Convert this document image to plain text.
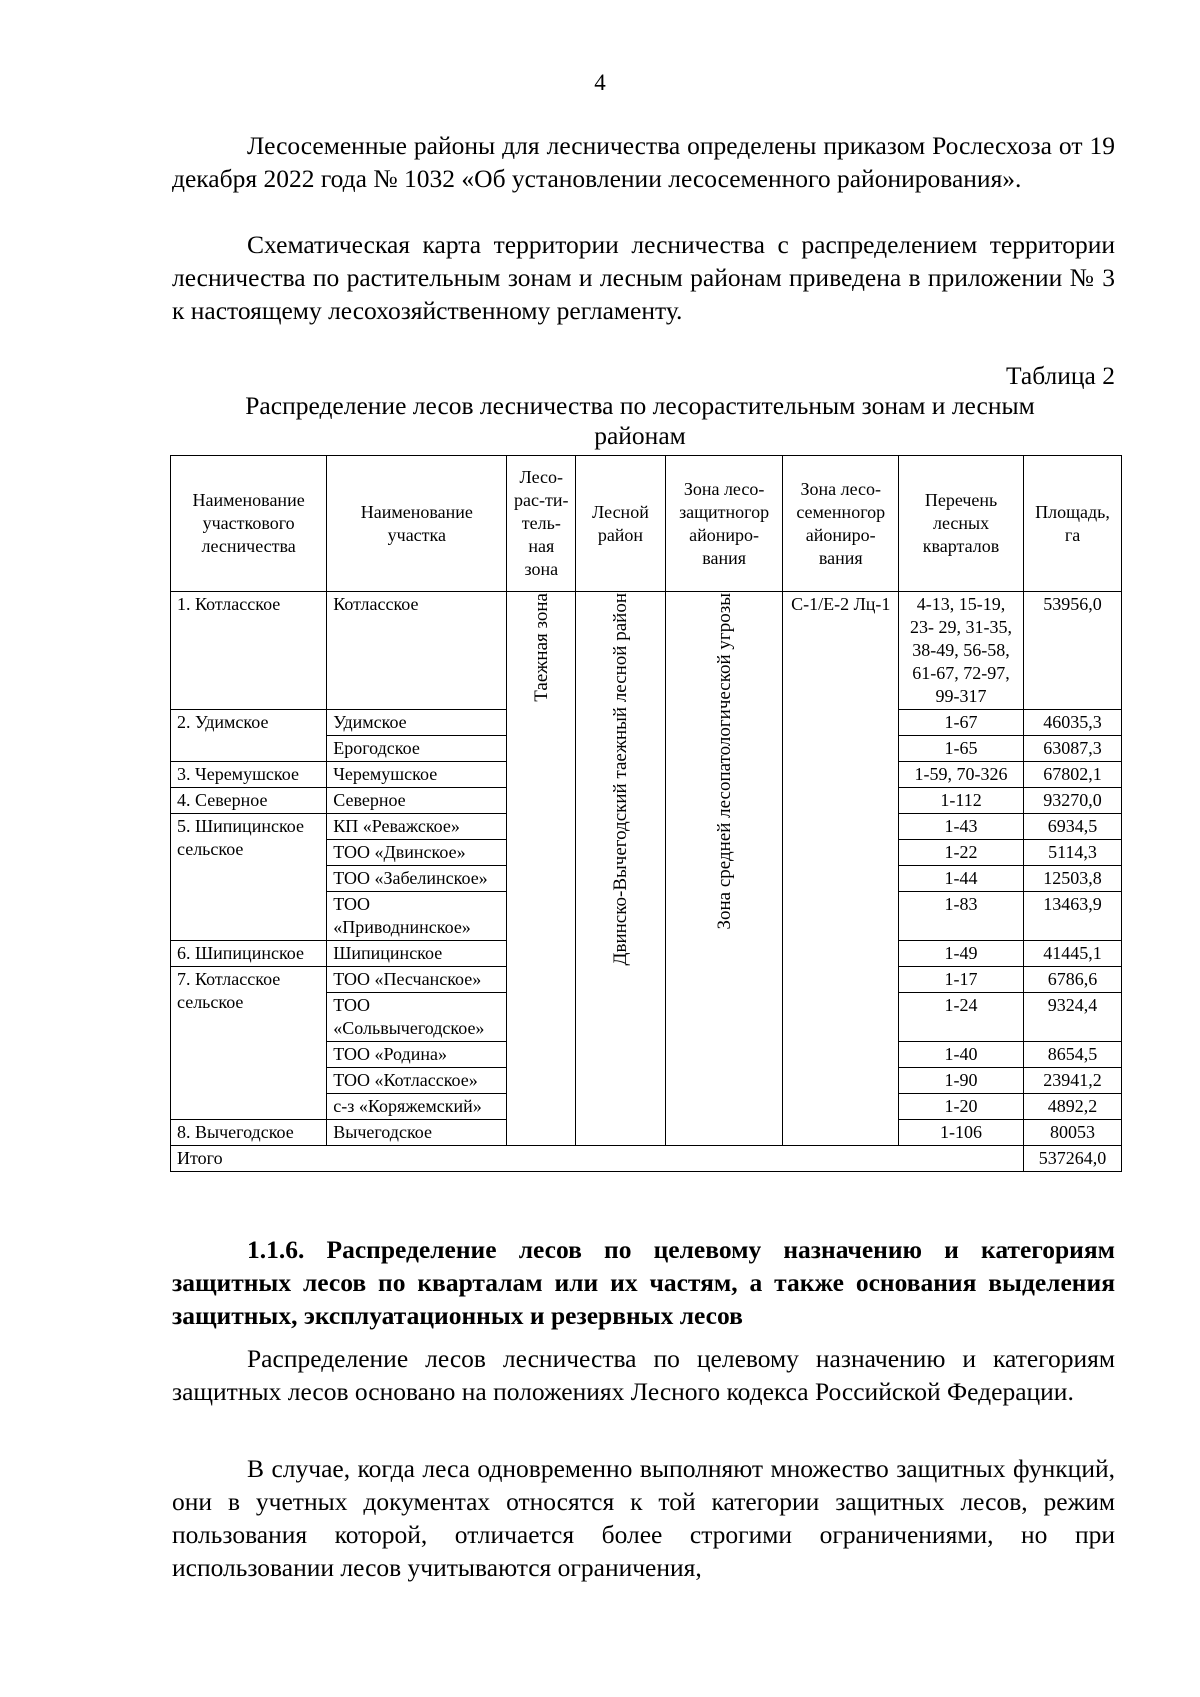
4

Лесосеменные районы для лесничества определены приказом Рослесхоза от 19 декабря 2022 года № 1032 «Об установлении лесосеменного районирования».

Схематическая карта территории лесничества с распределением территории лесничества по растительным зонам и лесным районам приведена в приложении № 3 к настоящему лесохозяйственному регламенту.

Таблица 2

Распределение лесов лесничества по лесорастительным зонам и лесным районам

Наименование участкового лесничества	Наименование участка	Лесо-рас-ти-тель-ная зона	Лесной район	Зона лесо-защитногор айониро-вания	Зона лесо-семенногор айониро-вания	Перечень лесных кварталов	Площадь, га
1. Котласское	Котласское	Таежная зона	Двинско-Вычегодский таежный лесной район	Зона средней лесопатологической угрозы	С-1/Е-2 Лц-1	4-13, 15-19, 23- 29, 31-35, 38-49, 56-58, 61-67, 72-97, 99-317	53956,0
2. Удимское	Удимское					1-67	46035,3
	Ерогодское					1-65	63087,3
3. Черемушское	Черемушское					1-59, 70-326	67802,1
4. Северное	Северное					1-112	93270,0
5. Шипицинское сельское	КП «Реважское»					1-43	6934,5
	ТОО «Двинское»					1-22	5114,3
	ТОО «Забелинское»					1-44	12503,8
	ТОО «Приводнинское»					1-83	13463,9
6. Шипицинское	Шипицинское					1-49	41445,1
7. Котласское сельское	ТОО «Песчанское»					1-17	6786,6
	ТОО «Сольвычегодское»					1-24	9324,4
	ТОО «Родина»					1-40	8654,5
	ТОО «Котласское»					1-90	23941,2
	с-з «Коряжемский»					1-20	4892,2
8. Вычегодское	Вычегодское					1-106	80053
Итого							537264,0

1.1.6. Распределение лесов по целевому назначению и категориям защитных лесов по кварталам или их частям, а также основания выделения защитных, эксплуатационных и резервных лесов

Распределение лесов лесничества по целевому назначению и категориям защитных лесов основано на положениях Лесного кодекса Российской Федерации.

В случае, когда леса одновременно выполняют множество защитных функций, они в учетных документах относятся к той категории защитных лесов, режим пользования которой, отличается более строгими ограничениями, но при использовании лесов учитываются ограничения,
